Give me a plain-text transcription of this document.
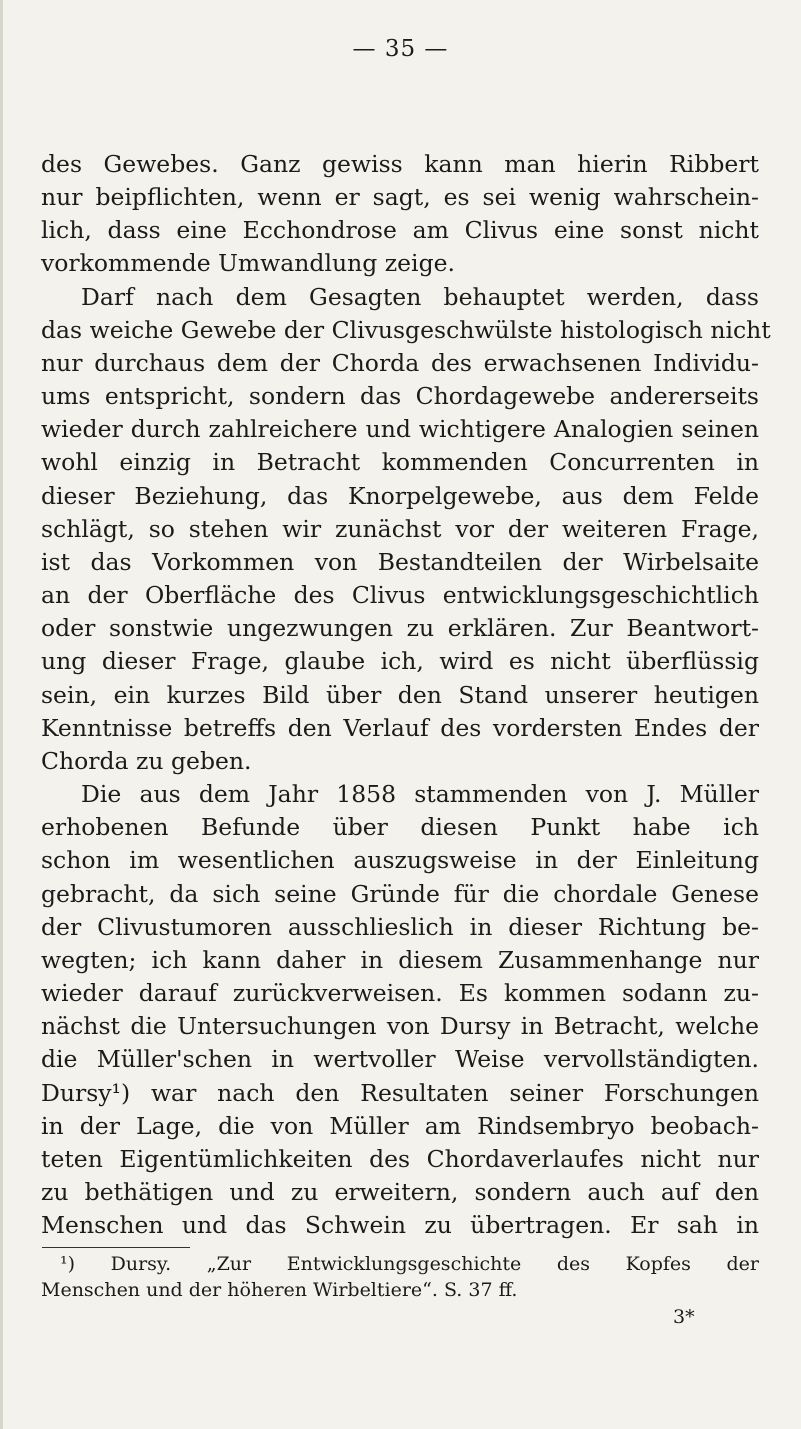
— 35 —
des Gewebes. Ganz gewiss kann man hierin Ribbert
nur beipflichten, wenn er sagt, es sei wenig wahrschein-
lich, dass eine Ecchondrose am Clivus eine sonst nicht
vorkommende Umwandlung zeige.
Darf nach dem Gesagten behauptet werden, dass
das weiche Gewebe der Clivusgeschwülste histologisch nicht
nur durchaus dem der Chorda des erwachsenen Individu-
ums entspricht, sondern das Chordagewebe andererseits
wieder durch zahlreichere und wichtigere Analogien seinen
wohl einzig in Betracht kommenden Concurrenten in
dieser Beziehung, das Knorpelgewebe, aus dem Felde
schlägt, so stehen wir zunächst vor der weiteren Frage,
ist das Vorkommen von Bestandteilen der Wirbelsaite
an der Oberfläche des Clivus entwicklungsgeschichtlich
oder sonstwie ungezwungen zu erklären. Zur Beantwort-
ung dieser Frage, glaube ich, wird es nicht überflüssig
sein, ein kurzes Bild über den Stand unserer heutigen
Kenntnisse betreffs den Verlauf des vordersten Endes der
Chorda zu geben.
Die aus dem Jahr 1858 stammenden von J. Müller
erhobenen Befunde über diesen Punkt habe ich
schon im wesentlichen auszugsweise in der Einleitung
gebracht, da sich seine Gründe für die chordale Genese
der Clivustumoren ausschlieslich in dieser Richtung be-
wegten; ich kann daher in diesem Zusammenhange nur
wieder darauf zurückverweisen. Es kommen sodann zu-
nächst die Untersuchungen von Dursy in Betracht, welche
die Müller'schen in wertvoller Weise vervollständigten.
Dursy¹) war nach den Resultaten seiner Forschungen
in der Lage, die von Müller am Rindsembryo beobach-
teten Eigentümlichkeiten des Chordaverlaufes nicht nur
zu bethätigen und zu erweitern, sondern auch auf den
Menschen und das Schwein zu übertragen. Er sah in
¹) Dursy. „Zur Entwicklungsgeschichte des Kopfes der
Menschen und der höheren Wirbeltiere“. S. 37 ff.
3*
